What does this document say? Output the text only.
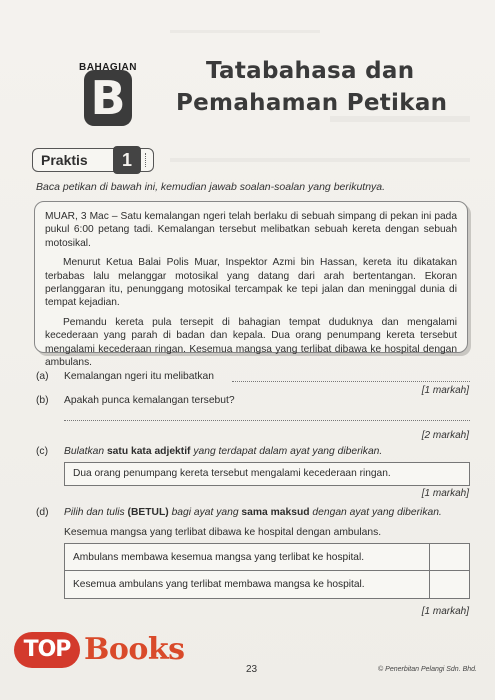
B
BAHAGIAN	Tatabahasa dan
Pemahaman Petikan
Praktis	1
Baca petikan di bawah ini, kemudian jawab soalan-soalan yang berikutnya.

MUAR, 3 Mac – Satu kemalangan ngeri telah berlaku di sebuah simpang di pekan ini pada pukul 6:00 petang tadi. Kemalangan tersebut melibatkan sebuah kereta dengan sebuah motosikal.

Menurut Ketua Balai Polis Muar, Inspektor Azmi bin Hassan, kereta itu dikatakan terbabas lalu melanggar motosikal yang datang dari arah bertentangan. Ekoran perlanggaran itu, penunggang motosikal tercampak ke tepi jalan dan meninggal dunia di tempat kejadian.

Pemandu kereta pula tersepit di bahagian tempat duduknya dan mengalami kecederaan yang parah di badan dan kepala. Dua orang penumpang kereta tersebut mengalami kecederaan ringan. Kesemua mangsa yang terlibat dibawa ke hospital dengan ambulans.

(a) Kemalangan ngeri itu melibatkan
[1 markah]
(b) Apakah punca kemalangan tersebut?
[2 markah]
(c) Bulatkan satu kata adjektif yang terdapat dalam ayat yang diberikan.
Dua orang penumpang kereta tersebut mengalami kecederaan ringan.
[1 markah]
(d) Pilih dan tulis (BETUL) bagi ayat yang sama maksud dengan ayat yang diberikan.
Kesemua mangsa yang terlibat dibawa ke hospital dengan ambulans.
Ambulans membawa kesemua mangsa yang terlibat ke hospital.
Kesemua ambulans yang terlibat membawa mangsa ke hospital.
[1 markah]
23	© Penerbitan Pelangi Sdn. Bhd.
TOP Books
